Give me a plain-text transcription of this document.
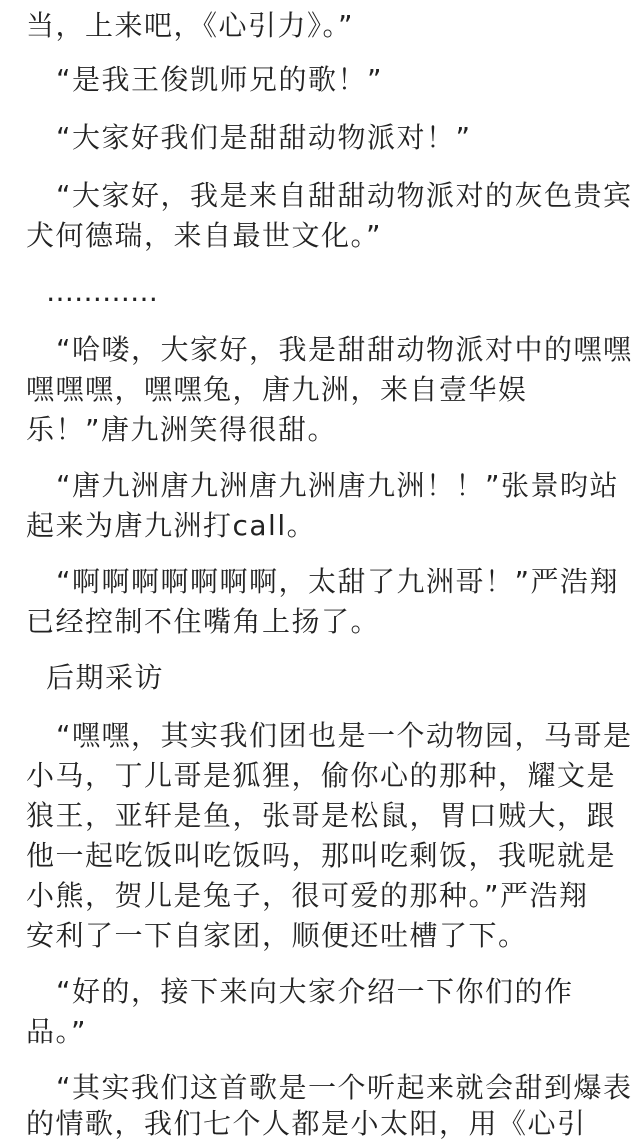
当，上来吧，《心引力》。”
“是我王俊凯师兄的歌！”
“大家好我们是甜甜动物派对！”
“大家好，我是来自甜甜动物派对的灰色贵宾
犬何德瑞，来自最世文化。”
…………
“哈喽，大家好，我是甜甜动物派对中的嘿嘿
嘿嘿嘿，嘿嘿兔，唐九洲，来自壹华娱
乐！”唐九洲笑得很甜。
“唐九洲唐九洲唐九洲唐九洲！！”张景昀站
起来为唐九洲打call。
“啊啊啊啊啊啊啊，太甜了九洲哥！”严浩翔
已经控制不住嘴角上扬了。
后期采访
“嘿嘿，其实我们团也是一个动物园，马哥是
小马，丁儿哥是狐狸，偷你心的那种，耀文是
狼王，亚轩是鱼，张哥是松鼠，胃口贼大，跟
他一起吃饭叫吃饭吗，那叫吃剩饭，我呢就是
小熊，贺儿是兔子，很可爱的那种。”严浩翔
安利了一下自家团，顺便还吐槽了下。
“好的，接下来向大家介绍一下你们的作
品。”
“其实我们这首歌是一个听起来就会甜到爆表
的情歌，我们七个人都是小太阳，用《心引
